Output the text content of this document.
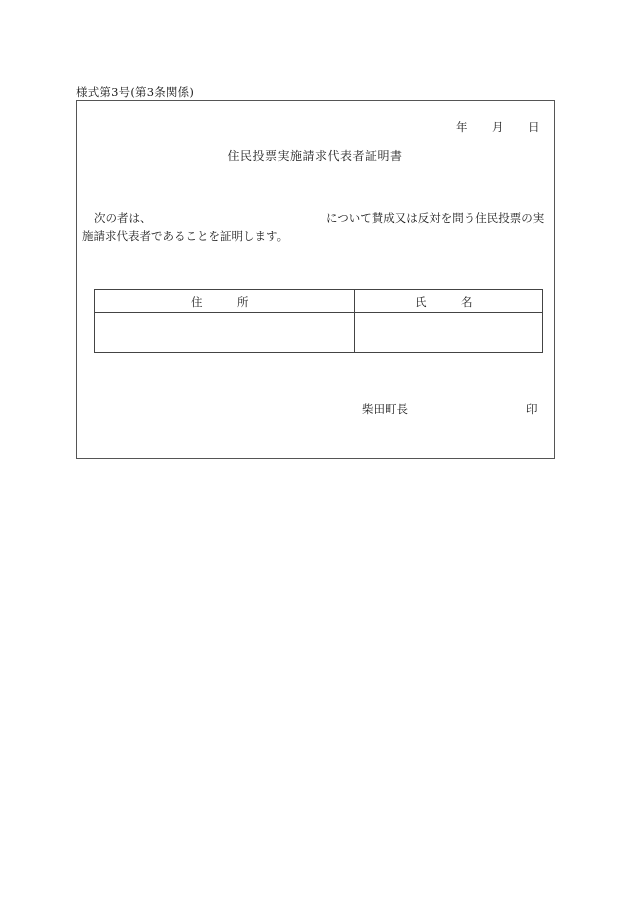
様式第3号(第3条関係)
年 月 日
住民投票実施請求代表者証明書
次の者は、	について賛成又は反対を問う住民投票の実
施請求代表者であることを証明します。
住　　　所	氏　　　名
柴田町長	印
